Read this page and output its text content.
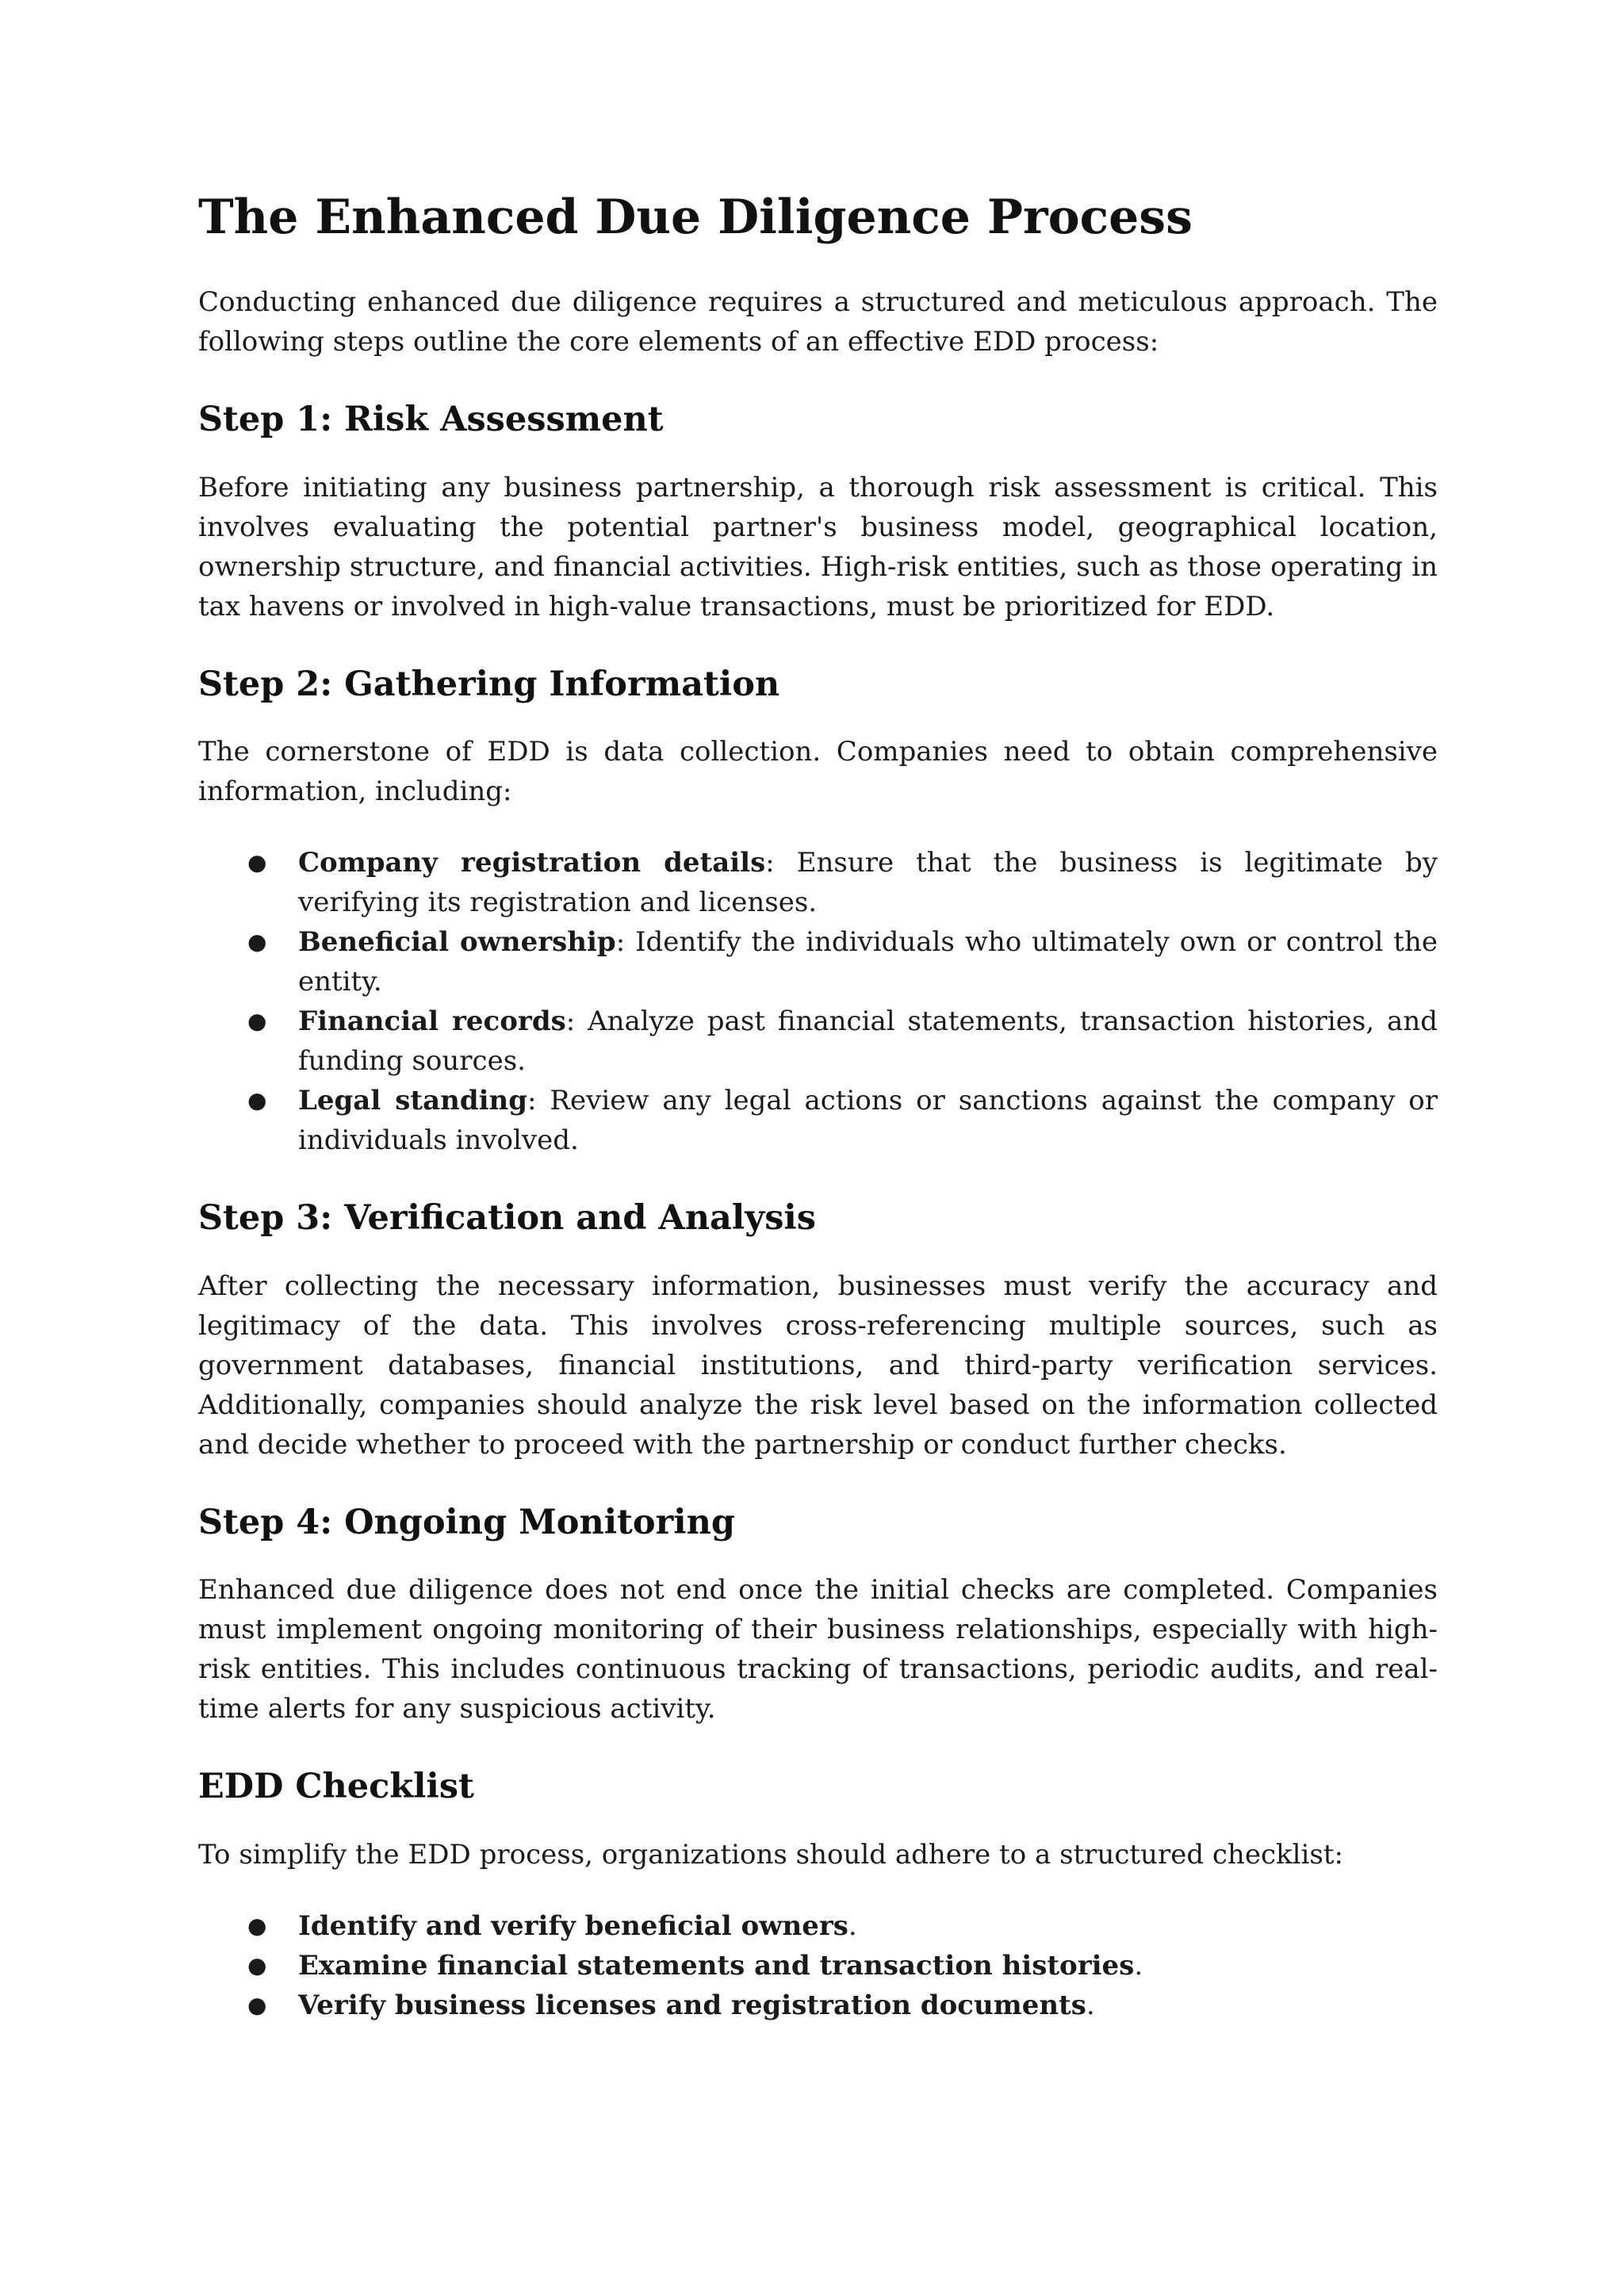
The Enhanced Due Diligence Process

Conducting enhanced due diligence requires a structured and meticulous approach. The following steps outline the core elements of an effective EDD process:

Step 1: Risk Assessment

Before initiating any business partnership, a thorough risk assessment is critical. This involves evaluating the potential partner's business model, geographical location, ownership structure, and financial activities. High-risk entities, such as those operating in tax havens or involved in high-value transactions, must be prioritized for EDD.

Step 2: Gathering Information

The cornerstone of EDD is data collection. Companies need to obtain comprehensive information, including:

● Company registration details: Ensure that the business is legitimate by verifying its registration and licenses.
● Beneficial ownership: Identify the individuals who ultimately own or control the entity.
● Financial records: Analyze past financial statements, transaction histories, and funding sources.
● Legal standing: Review any legal actions or sanctions against the company or individuals involved.
Step 3: Verification and Analysis

After collecting the necessary information, businesses must verify the accuracy and legitimacy of the data. This involves cross-referencing multiple sources, such as government databases, financial institutions, and third-party verification services. Additionally, companies should analyze the risk level based on the information collected and decide whether to proceed with the partnership or conduct further checks.

Step 4: Ongoing Monitoring

Enhanced due diligence does not end once the initial checks are completed. Companies must implement ongoing monitoring of their business relationships, especially with high-risk entities. This includes continuous tracking of transactions, periodic audits, and real-time alerts for any suspicious activity.

EDD Checklist

To simplify the EDD process, organizations should adhere to a structured checklist:

● Identify and verify beneficial owners.
● Examine financial statements and transaction histories.
● Verify business licenses and registration documents.
